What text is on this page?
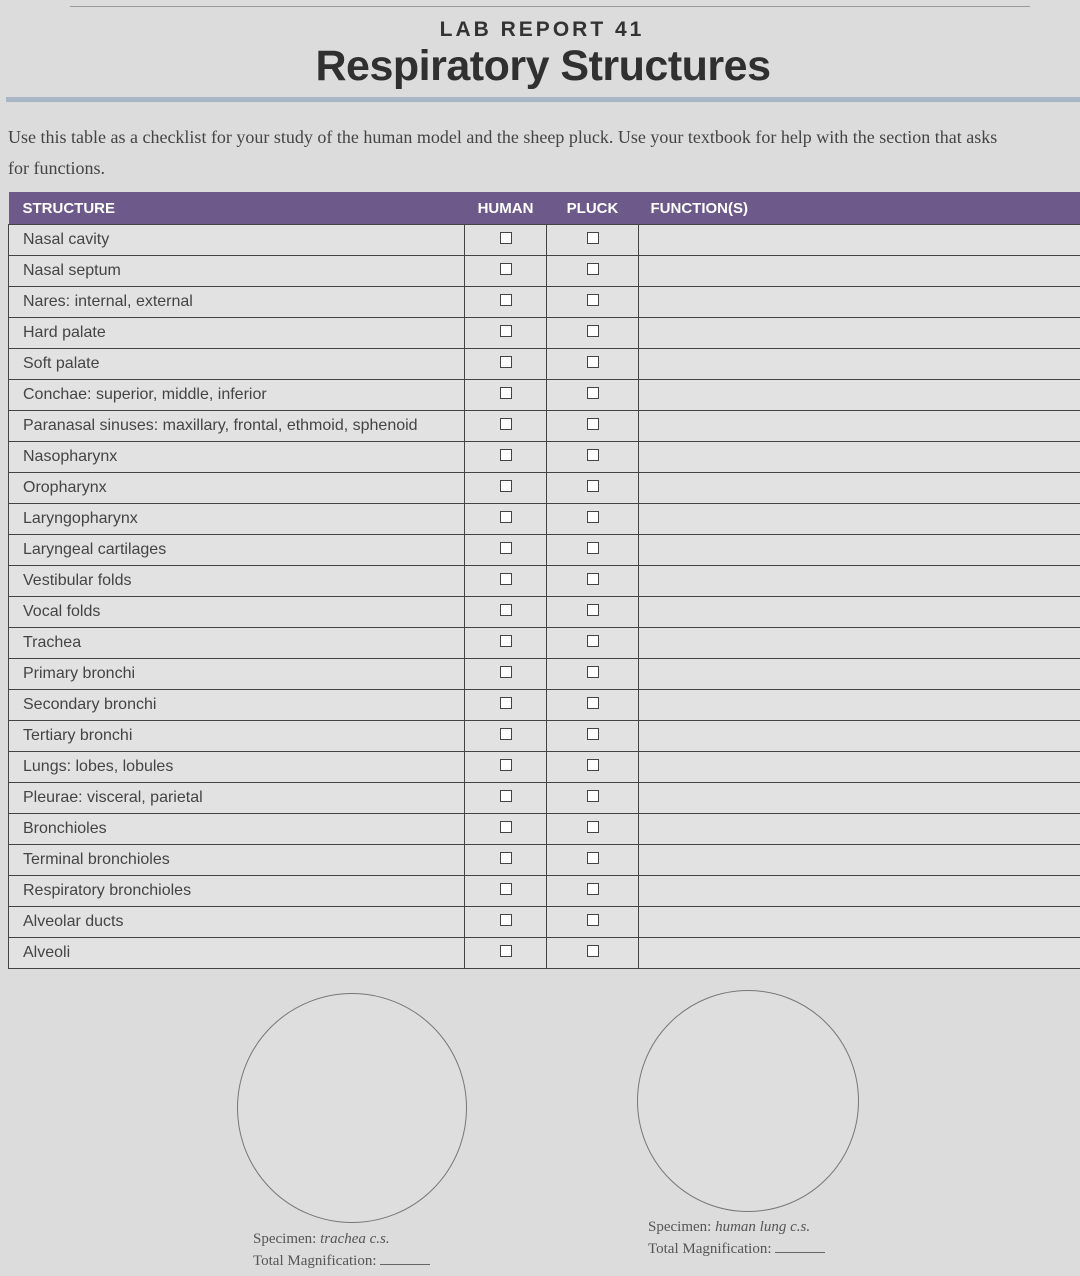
LAB REPORT 41
Respiratory Structures
Use this table as a checklist for your study of the human model and the sheep pluck. Use your textbook for help with the section that asks
for functions.
STRUCTURE	HUMAN	PLUCK	FUNCTION(S)
Nasal cavity			
Nasal septum			
Nares: internal, external			
Hard palate			
Soft palate			
Conchae: superior, middle, inferior			
Paranasal sinuses: maxillary, frontal, ethmoid, sphenoid			
Nasopharynx			
Oropharynx			
Laryngopharynx			
Laryngeal cartilages			
Vestibular folds			
Vocal folds			
Trachea			
Primary bronchi			
Secondary bronchi			
Tertiary bronchi			
Lungs: lobes, lobules			
Pleurae: visceral, parietal			
Bronchioles			
Terminal bronchioles			
Respiratory bronchioles			
Alveolar ducts			
Alveoli			
Specimen: trachea c.s.
Total Magnification:
Specimen: human lung c.s.
Total Magnification:
